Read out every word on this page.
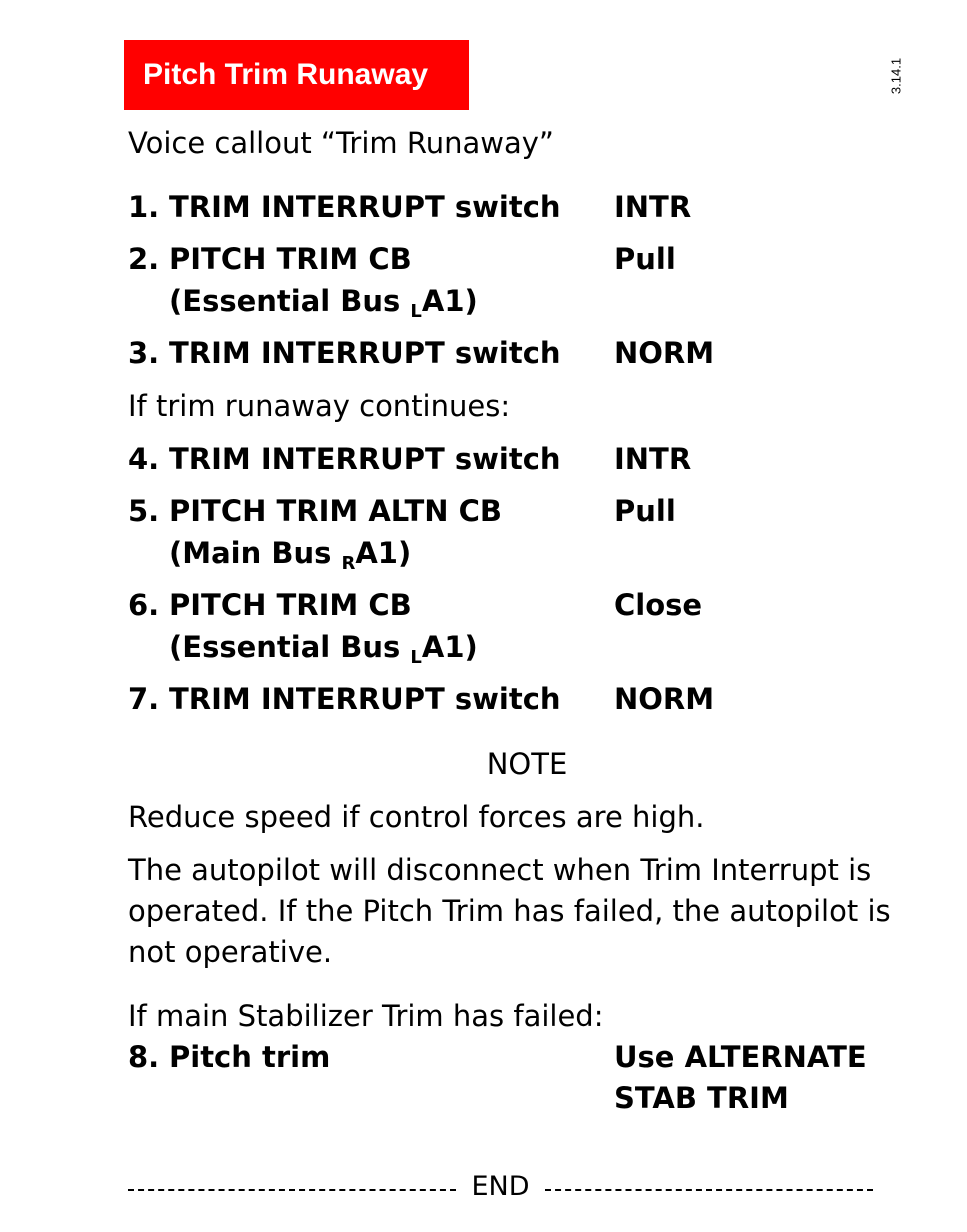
Pitch Trim Runaway	3.14.1
Voice callout “Trim Runaway”
1. TRIM INTERRUPT switch INTR
2. PITCH TRIM CB	Pull
(Essential Bus $_L$A1)
3. TRIM INTERRUPT switch NORM
If trim runaway continues:
4. TRIM INTERRUPT switch INTR
5. PITCH TRIM ALTN CB	Pull
(Main Bus $_R$A1)
6. PITCH TRIM CB	Close
(Essential Bus $_L$A1)
7. TRIM INTERRUPT switch NORM
NOTE
Reduce speed if control forces are high.
The autopilot will disconnect when Trim Interrupt is operated. If the Pitch Trim has failed, the autopilot is not operative.
If main Stabilizer Trim has failed:
8. Pitch trim	Use ALTERNATE
STAB TRIM
END
